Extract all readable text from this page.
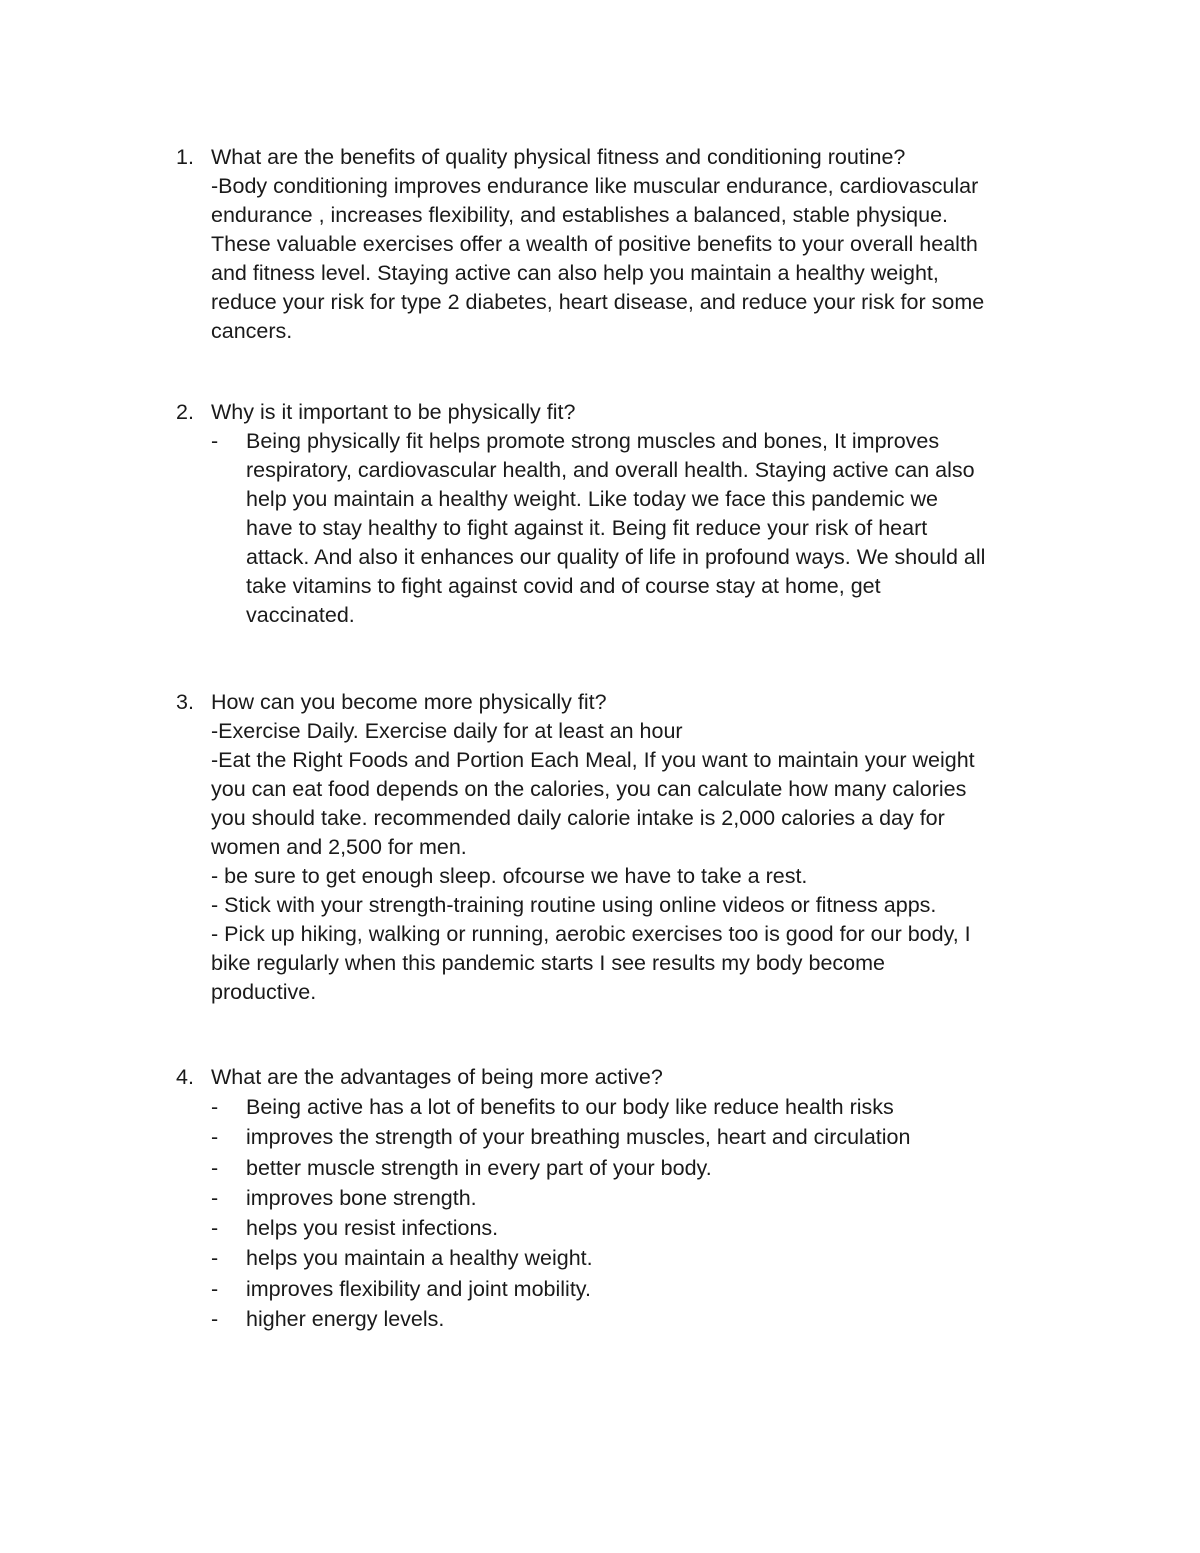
1. What are the benefits of quality physical fitness and conditioning routine?

-Body conditioning improves endurance like muscular endurance, cardiovascular

endurance , increases flexibility, and establishes a balanced, stable physique.

These valuable exercises offer a wealth of positive benefits to your overall health

and fitness level. Staying active can also help you maintain a healthy weight,

reduce your risk for type 2 diabetes, heart disease, and reduce your risk for some

cancers.

2. Why is it important to be physically fit?

- Being physically fit helps promote strong muscles and bones, It improves

respiratory, cardiovascular health, and overall health. Staying active can also

help you maintain a healthy weight. Like today we face this pandemic we

have to stay healthy to fight against it. Being fit reduce your risk of heart

attack. And also it enhances our quality of life in profound ways. We should all

take vitamins to fight against covid and of course stay at home, get

vaccinated.

3. How can you become more physically fit?

-Exercise Daily. Exercise daily for at least an hour

-Eat the Right Foods and Portion Each Meal, If you want to maintain your weight

you can eat food depends on the calories, you can calculate how many calories

you should take. recommended daily calorie intake is 2,000 calories a day for

women and 2,500 for men.

- be sure to get enough sleep. ofcourse we have to take a rest.

- Stick with your strength-training routine using online videos or fitness apps.

- Pick up hiking, walking or running, aerobic exercises too is good for our body, I

bike regularly when this pandemic starts I see results my body become

productive.

4. What are the advantages of being more active?

- Being active has a lot of benefits to our body like reduce health risks

- improves the strength of your breathing muscles, heart and circulation

- better muscle strength in every part of your body.

- improves bone strength.

- helps you resist infections.

- helps you maintain a healthy weight.

- improves flexibility and joint mobility.

- higher energy levels.
